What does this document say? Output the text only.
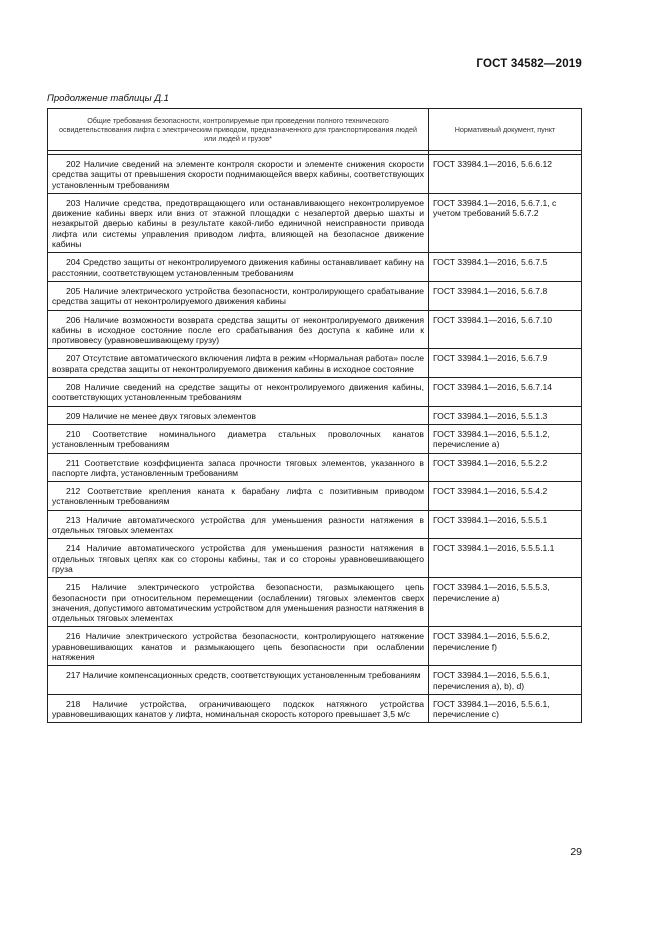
ГОСТ 34582—2019
Продолжение таблицы Д.1
Общие требования безопасности, контролируемые при проведении полного технического освидетельствования лифта с электрическим приводом, предназначенного для транспортирования людей или людей и грузов*	Нормативный документ, пункт

202 Наличие сведений на элементе контроля скорости и элементе снижения скорости средства защиты от превышения скорости поднимающейся вверх кабины, соответствующих установленным требованиям	ГОСТ 33984.1—2016, 5.6.6.12
203 Наличие средства, предотвращающего или останавливающего неконтролируемое движение кабины вверх или вниз от этажной площадки с незапертой дверью шахты и незакрытой дверью кабины в результате какой-либо единичной неисправности привода лифта или системы управления приводом лифта, влияющей на безопасное движение кабины	ГОСТ 33984.1—2016, 5.6.7.1, с учетом требований 5.6.7.2
204 Средство защиты от неконтролируемого движения кабины останавливает кабину на расстоянии, соответствующем установленным требованиям	ГОСТ 33984.1—2016, 5.6.7.5
205 Наличие электрического устройства безопасности, контролирующего срабатывание средства защиты от неконтролируемого движения кабины	ГОСТ 33984.1—2016, 5.6.7.8
206 Наличие возможности возврата средства защиты от неконтролируемого движения кабины в исходное состояние после его срабатывания без доступа к кабине или к противовесу (уравновешивающему грузу)	ГОСТ 33984.1—2016, 5.6.7.10
207 Отсутствие автоматического включения лифта в режим «Нормальная работа» после возврата средства защиты от неконтролируемого движения кабины в исходное состояние	ГОСТ 33984.1—2016, 5.6.7.9
208 Наличие сведений на средстве защиты от неконтролируемого движения кабины, соответствующих установленным требованиям	ГОСТ 33984.1—2016, 5.6.7.14
209 Наличие не менее двух тяговых элементов	ГОСТ 33984.1—2016, 5.5.1.3
210 Соответствие номинального диаметра стальных проволочных канатов установленным требованиям	ГОСТ 33984.1—2016, 5.5.1.2, перечисление а)
211 Соответствие коэффициента запаса прочности тяговых элементов, указанного в паспорте лифта, установленным требованиям	ГОСТ 33984.1—2016, 5.5.2.2
212 Соответствие крепления каната к барабану лифта с позитивным приводом установленным требованиям	ГОСТ 33984.1—2016, 5.5.4.2
213 Наличие автоматического устройства для уменьшения разности натяжения в отдельных тяговых элементах	ГОСТ 33984.1—2016, 5.5.5.1
214 Наличие автоматического устройства для уменьшения разности натяжения в отдельных тяговых цепях как со стороны кабины, так и со стороны уравновешивающего груза	ГОСТ 33984.1—2016, 5.5.5.1.1
215 Наличие электрического устройства безопасности, размыкающего цепь безопасности при относительном перемещении (ослаблении) тяговых элементов сверх значения, допустимого автоматическим устройством для уменьшения разности натяжения в отдельных тяговых элементах	ГОСТ 33984.1—2016, 5.5.5.3, перечисление а)
216 Наличие электрического устройства безопасности, контролирующего натяжение уравновешивающих канатов и размыкающего цепь безопасности при ослаблении натяжения	ГОСТ 33984.1—2016, 5.5.6.2, перечисление f)
217 Наличие компенсационных средств, соответствующих установленным требованиям	ГОСТ 33984.1—2016, 5.5.6.1, перечисления а), b), d)
218 Наличие устройства, ограничивающего подскок натяжного устройства уравновешивающих канатов у лифта, номинальная скорость которого превышает 3,5 м/с	ГОСТ 33984.1—2016, 5.5.6.1, перечисление с)
29
